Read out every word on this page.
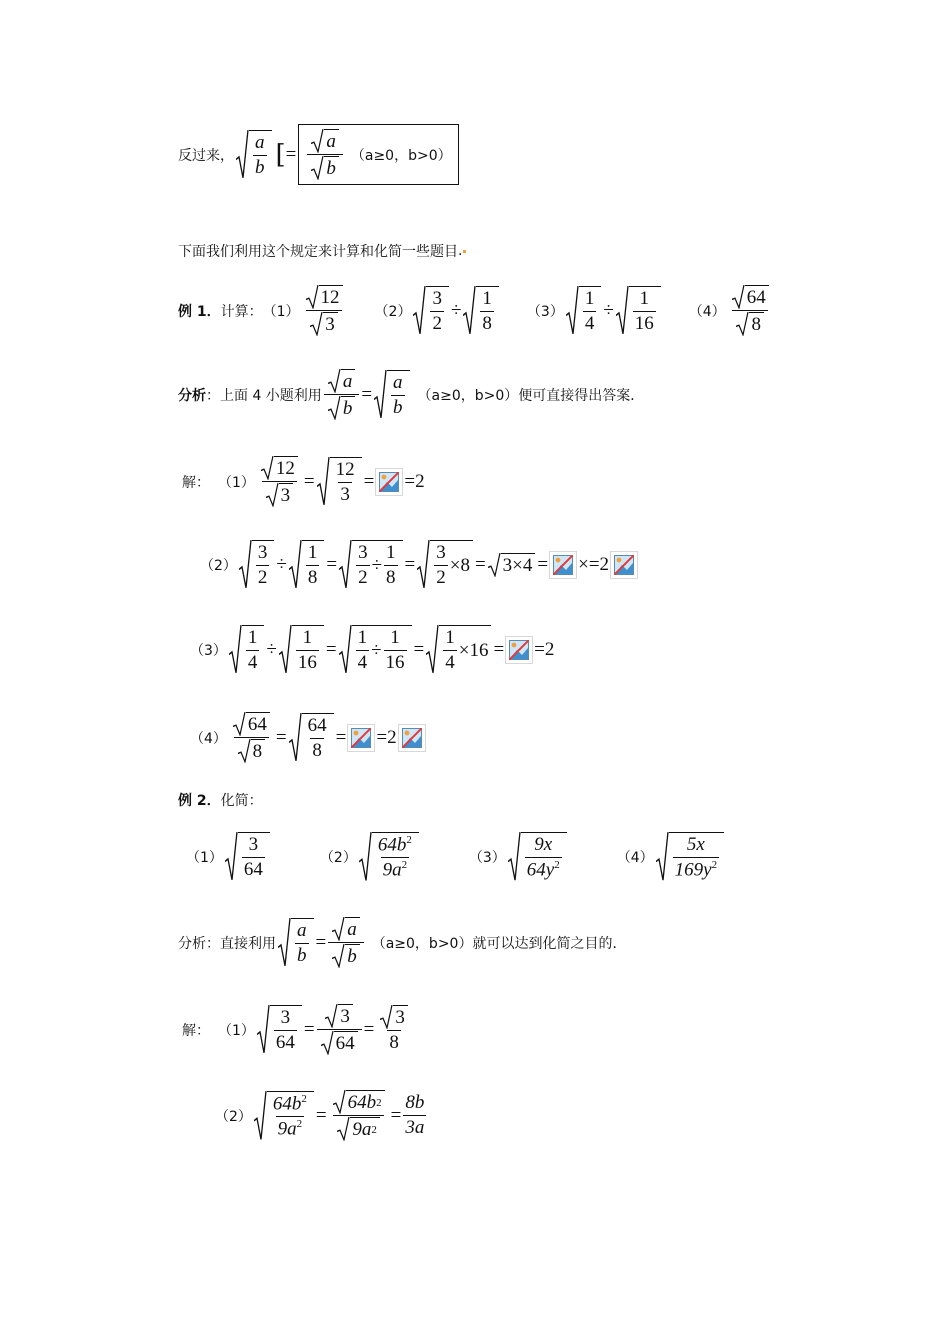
反过来， $\frac{a}{b}$ [ = $\frac{a}{b} (a\ge 0$，b>0）
下面我们利用这个规定来计算和化简一些题目 .
例 1． 计算： $(1) \frac{12}{3} (2) \frac{3}{2} \div \frac{1}{8} (3) \frac{1}{4} \div \frac{1}{16} (4) \frac{64}{8}$
分析 ：上面 4 小题利用 $\frac{a}{b} = \frac{a}{b} (a\ge 0$，b>0） 便可直接得出答案．
解： $(1) \frac{12}{3} = \frac{12}{3} = =2$
$(2) \frac{3}{2} \div \frac{1}{8} = \frac{3}{2} \div \frac{1}{8} = \frac{3}{2} \times 8 = 3\times 4$ = × =2
$(3) \frac{1}{4} \div \frac{1}{16} = \frac{1}{4} \div \frac{1}{16} = \frac{1}{4} \times 16 = =2$
$(4) \frac{64}{8} = \frac{64}{8} = =2$
例 2． 化简：
$(1) \frac{3}{64}$	$(2) \frac{64b^2}{9a^2}$	$(3) \frac{9x}{64y^2}$	$(4) \frac{5x}{169y^2}$
分析：直接利用 $\frac{a}{b} = \frac{a}{b} (a\ge 0$，b>0） 就可以达到化简之目的．
解： $(1) \frac{3}{64} = \frac{3}{64} = \frac{3}{8}$
$(2) \frac{64b^2}{9a^2} = \frac{64b 2}{9a 2} = \frac{8b}{3a}$
